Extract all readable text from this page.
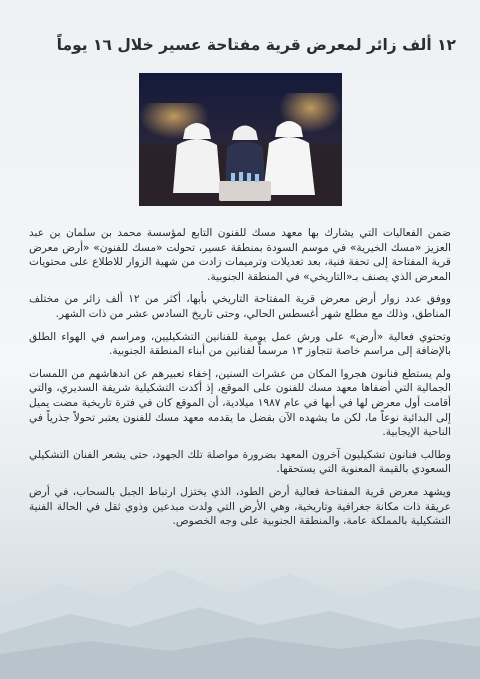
١٢ ألف زائر لمعرض قرية مفتاحة عسير خلال ١٦ يوماً

ضمن الفعاليات التي يشارك بها معهد مسك للفنون التابع لمؤسسة محمد بن سلمان بن عبد العزيز «مسك الخيرية» في موسم السودة بمنطقة عسير، تحولت «مسك للفنون» «أرض معرض قرية المفتاحة إلى تحفة فنية، بعد تعديلات وترميمات زادت من شهية الزوار للاطلاع على محتويات المعرض الذي يصنف بـ«التاريخي» في المنطقة الجنوبية.

ووفق عدد زوار أرض معرض قرية المفتاحة التاريخي بأبها، أكثر من ١٢ ألف زائر من مختلف المناطق، وذلك مع مطلع شهر أغسطس الحالي، وحتى تاريخ السادس عشر من ذات الشهر.

وتحتوي فعالية «أرض» على ورش عمل يومية للفنانين التشكيليين، ومراسم في الهواء الطلق بالإضافة إلى مراسم خاصة تتجاوز ١٣ مرسماً لفنانين من أبناء المنطقة الجنوبية.

ولم يستطع فنانون هجروا المكان من عشرات السنين، إخفاء تعبيرهم عن اندهاشهم من اللمسات الجمالية التي أضفاها معهد مسك للفنون على الموقع، إذ أكدت التشكيلية شريفة السديري، والتي أقامت أول معرض لها في أبها في عام ١٩٨٧ ميلادية، أن الموقع كان في فترة تاريخية مضت يميل إلى البدائية نوعاً ما، لكن ما يشهده الآن بفضل ما يقدمه معهد مسك للفنون يعتبر تحولاً جذرياً في الناحية الإيجابية.

وطالب فنانون تشكيليون آخرون المعهد بضرورة مواصلة تلك الجهود، حتى يشعر الفنان التشكيلي السعودي بالقيمة المعنوية التي يستحقها.

ويشهد معرض قرية المفتاحة فعالية أرض الطود، الذي يختزل ارتباط الجبل بالسحاب، في أرض عريقة ذات مكانة جغرافية وتاريخية، وهي الأرض التي ولدت مبدعين وذوي ثقل في الحالة الفنية التشكيلية بالمملكة عامة، والمنطقة الجنوبية على وجه الخصوص.
